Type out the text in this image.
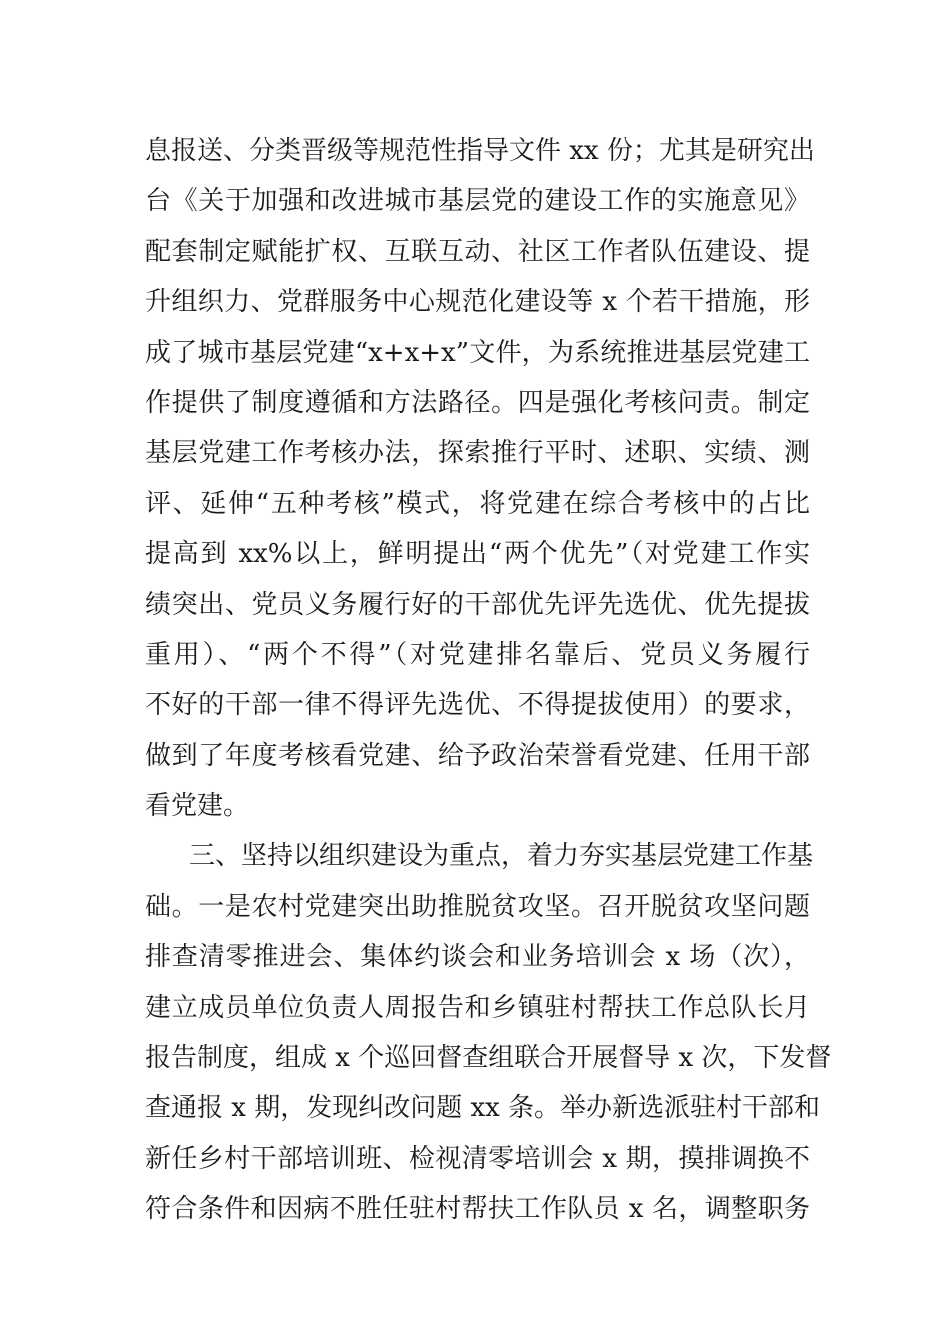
息报送、分类晋级等规范性指导文件 xx 份；尤其是研究出
台《关于加强和改进城市基层党的建设工作的实施意见》
配套制定赋能扩权、互联互动、社区工作者队伍建设、提
升组织力、党群服务中心规范化建设等 x 个若干措施，形
成了城市基层党建“x+x+x”文件，为系统推进基层党建工
作提供了制度遵循和方法路径。四是强化考核问责。制定
基层党建工作考核办法，探索推行平时、述职、实绩、测
评、延伸“五种考核”模式，将党建在综合考核中的占比
提高到 xx%以上，鲜明提出“两个优先”（对党建工作实
绩突出、党员义务履行好的干部优先评先选优、优先提拔
重用）、“两个不得”（对党建排名靠后、党员义务履行
不好的干部一律不得评先选优、不得提拔使用）的要求，
做到了年度考核看党建、给予政治荣誉看党建、任用干部
看党建。
三、坚持以组织建设为重点，着力夯实基层党建工作基
础。一是农村党建突出助推脱贫攻坚。召开脱贫攻坚问题
排查清零推进会、集体约谈会和业务培训会 x 场（次），
建立成员单位负责人周报告和乡镇驻村帮扶工作总队长月
报告制度，组成 x 个巡回督查组联合开展督导 x 次，下发督
查通报 x 期，发现纠改问题 xx 条。举办新选派驻村干部和
新任乡村干部培训班、检视清零培训会 x 期，摸排调换不
符合条件和因病不胜任驻村帮扶工作队员 x 名，调整职务
